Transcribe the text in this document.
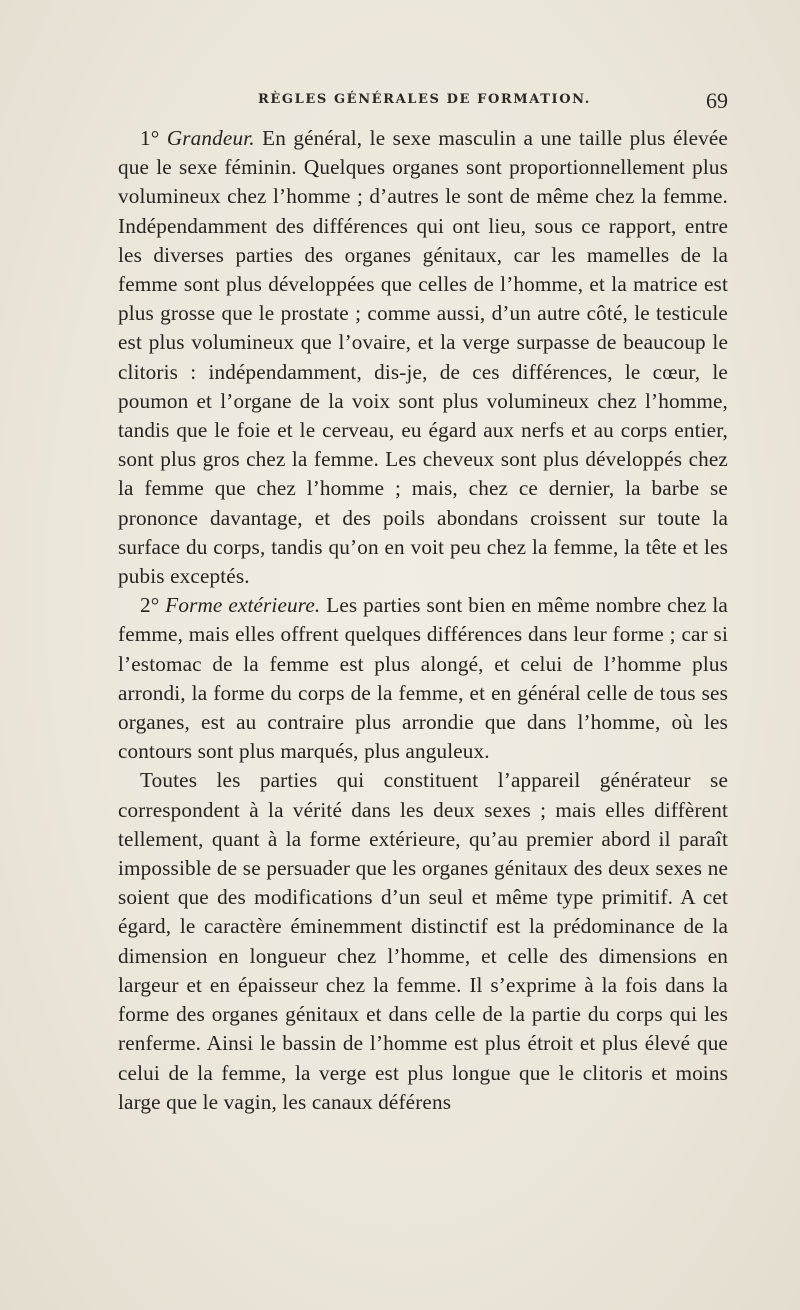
RÈGLES GÉNÉRALES DE FORMATION.	69

1° Grandeur. En général, le sexe masculin a une taille plus élevée que le sexe féminin. Quelques organes sont proportionnellement plus volumineux chez l’homme ; d’autres le sont de même chez la femme. Indépendamment des différences qui ont lieu, sous ce rapport, entre les diverses parties des organes génitaux, car les mamelles de la femme sont plus développées que celles de l’homme, et la matrice est plus grosse que le prostate ; comme aussi, d’un autre côté, le testicule est plus volumineux que l’ovaire, et la verge surpasse de beaucoup le clitoris : indépendamment, dis-je, de ces différences, le cœur, le poumon et l’organe de la voix sont plus volumineux chez l’homme, tandis que le foie et le cerveau, eu égard aux nerfs et au corps entier, sont plus gros chez la femme. Les cheveux sont plus développés chez la femme que chez l’homme ; mais, chez ce dernier, la barbe se prononce davantage, et des poils abondans croissent sur toute la surface du corps, tandis qu’on en voit peu chez la femme, la tête et les pubis exceptés.

2° Forme extérieure. Les parties sont bien en même nombre chez la femme, mais elles offrent quelques différences dans leur forme ; car si l’estomac de la femme est plus alongé, et celui de l’homme plus arrondi, la forme du corps de la femme, et en général celle de tous ses organes, est au contraire plus arrondie que dans l’homme, où les contours sont plus marqués, plus anguleux.

Toutes les parties qui constituent l’appareil générateur se correspondent à la vérité dans les deux sexes ; mais elles diffèrent tellement, quant à la forme extérieure, qu’au premier abord il paraît impossible de se persuader que les organes génitaux des deux sexes ne soient que des modifications d’un seul et même type primitif. A cet égard, le caractère éminemment distinctif est la prédominance de la dimension en longueur chez l’homme, et celle des dimensions en largeur et en épaisseur chez la femme. Il s’exprime à la fois dans la forme des organes génitaux et dans celle de la partie du corps qui les renferme. Ainsi le bassin de l’homme est plus étroit et plus élevé que celui de la femme, la verge est plus longue que le clitoris et moins large que le vagin, les canaux déférens
